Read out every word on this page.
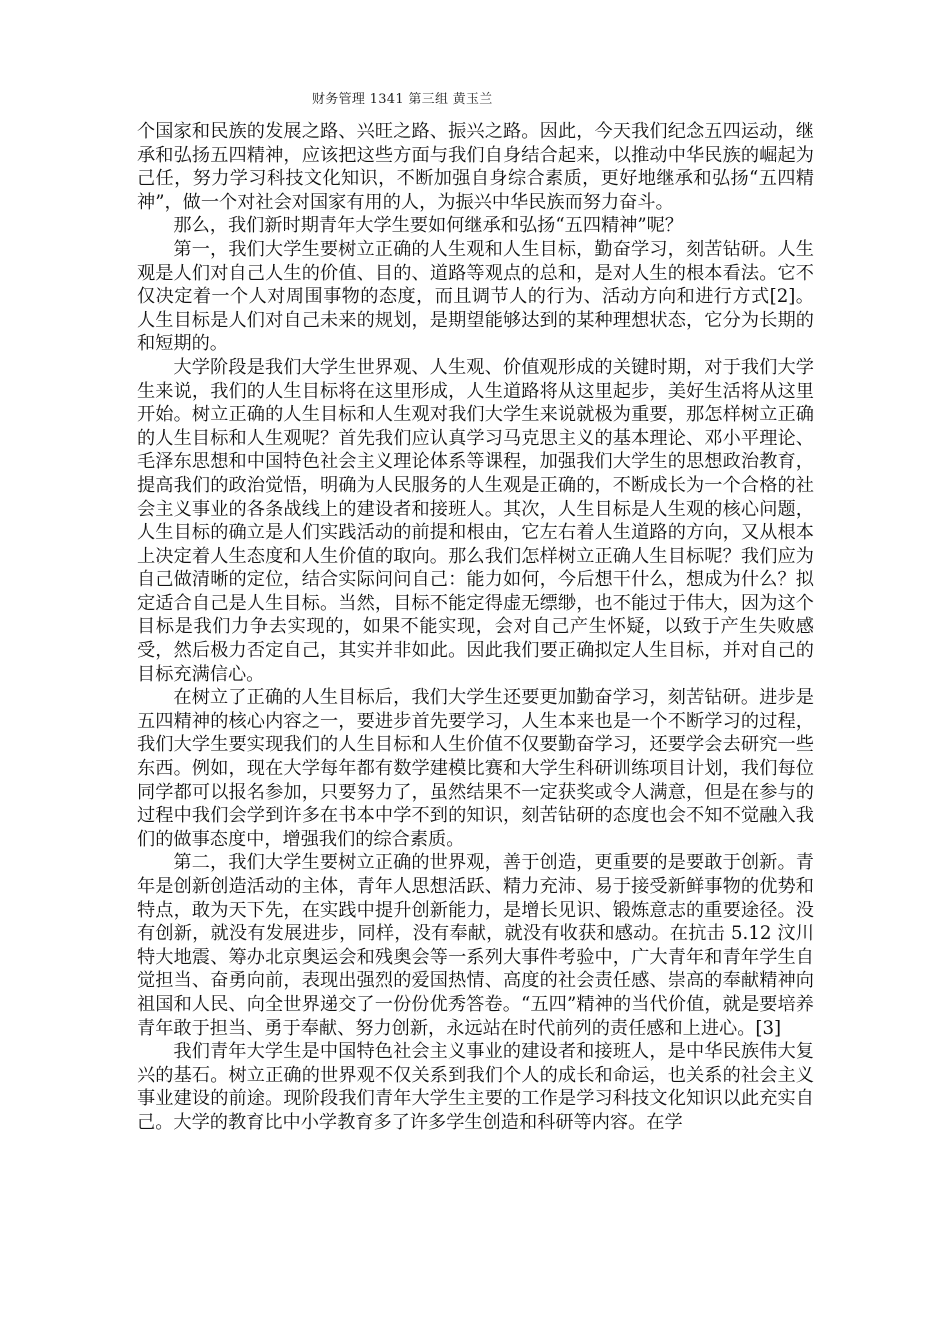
财务管理 1341 第三组 黄玉兰

个国家和民族的发展之路、兴旺之路、振兴之路。因此，今天我们纪念五四运动，继承和弘扬五四精神，应该把这些方面与我们自身结合起来，以推动中华民族的崛起为己任，努力学习科技文化知识，不断加强自身综合素质，更好地继承和弘扬“五四精神”，做一个对社会对国家有用的人，为振兴中华民族而努力奋斗。

那么，我们新时期青年大学生要如何继承和弘扬“五四精神”呢？

第一，我们大学生要树立正确的人生观和人生目标，勤奋学习，刻苦钻研。人生观是人们对自己人生的价值、目的、道路等观点的总和，是对人生的根本看法。它不仅决定着一个人对周围事物的态度，而且调节人的行为、活动方向和进行方式[2]。人生目标是人们对自己未来的规划，是期望能够达到的某种理想状态，它分为长期的和短期的。

大学阶段是我们大学生世界观、人生观、价值观形成的关键时期，对于我们大学生来说，我们的人生目标将在这里形成，人生道路将从这里起步，美好生活将从这里开始。树立正确的人生目标和人生观对我们大学生来说就极为重要，那怎样树立正确的人生目标和人生观呢？首先我们应认真学习马克思主义的基本理论、邓小平理论、毛泽东思想和中国特色社会主义理论体系等课程，加强我们大学生的思想政治教育，提高我们的政治觉悟，明确为人民服务的人生观是正确的，不断成长为一个合格的社会主义事业的各条战线上的建设者和接班人。其次，人生目标是人生观的核心问题，人生目标的确立是人们实践活动的前提和根由，它左右着人生道路的方向，又从根本上决定着人生态度和人生价值的取向。那么我们怎样树立正确人生目标呢？我们应为自己做清晰的定位，结合实际问问自己：能力如何，今后想干什么，想成为什么？拟定适合自己是人生目标。当然，目标不能定得虚无缥缈，也不能过于伟大，因为这个目标是我们力争去实现的，如果不能实现，会对自己产生怀疑，以致于产生失败感受，然后极力否定自己，其实并非如此。因此我们要正确拟定人生目标，并对自己的目标充满信心。

在树立了正确的人生目标后，我们大学生还要更加勤奋学习，刻苦钻研。进步是五四精神的核心内容之一，要进步首先要学习，人生本来也是一个不断学习的过程，我们大学生要实现我们的人生目标和人生价值不仅要勤奋学习，还要学会去研究一些东西。例如，现在大学每年都有数学建模比赛和大学生科研训练项目计划，我们每位同学都可以报名参加，只要努力了，虽然结果不一定获奖或令人满意，但是在参与的过程中我们会学到许多在书本中学不到的知识，刻苦钻研的态度也会不知不觉融入我们的做事态度中，增强我们的综合素质。

第二，我们大学生要树立正确的世界观，善于创造，更重要的是要敢于创新。青年是创新创造活动的主体，青年人思想活跃、精力充沛、易于接受新鲜事物的优势和特点，敢为天下先，在实践中提升创新能力，是增长见识、锻炼意志的重要途径。没有创新，就没有发展进步，同样，没有奉献，就没有收获和感动。在抗击 5.12 汶川特大地震、筹办北京奥运会和残奥会等一系列大事件考验中，广大青年和青年学生自觉担当、奋勇向前，表现出强烈的爱国热情、高度的社会责任感、崇高的奉献精神向祖国和人民、向全世界递交了一份份优秀答卷。“五四”精神的当代价值，就是要培养青年敢于担当、勇于奉献、努力创新，永远站在时代前列的责任感和上进心。[3]

我们青年大学生是中国特色社会主义事业的建设者和接班人，是中华民族伟大复兴的基石。树立正确的世界观不仅关系到我们个人的成长和命运，也关系的社会主义事业建设的前途。现阶段我们青年大学生主要的工作是学习科技文化知识以此充实自己。大学的教育比中小学教育多了许多学生创造和科研等内容。在学
